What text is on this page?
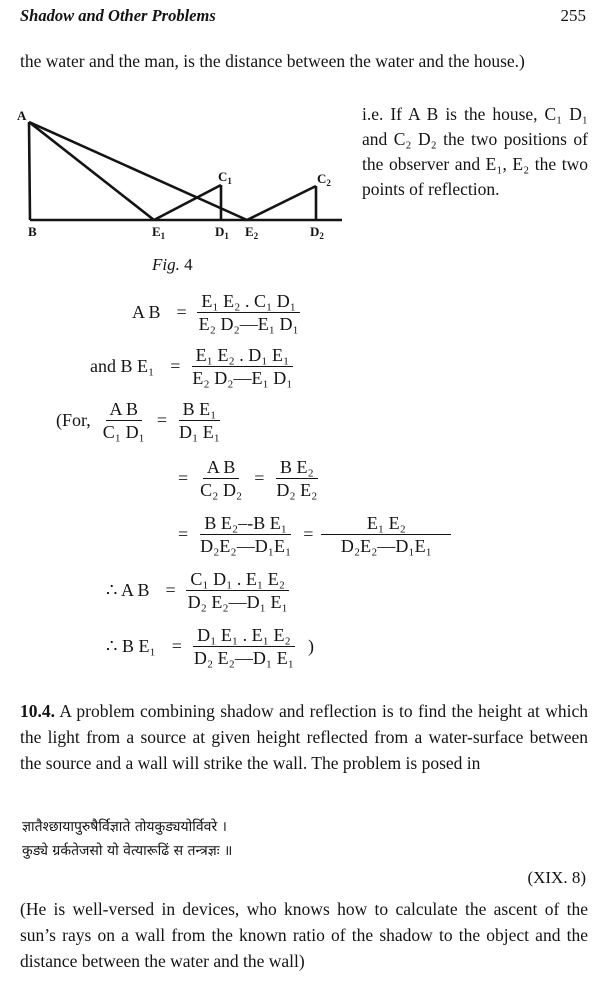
Shadow and Other Problems	255
the water and the man, is the distance between the water and the house.)
A
B	$E_1$	$D_1$
$C_1$
$E_2$
$C_2$
$D_2$
i.e. If A B is the house, C₁ D₁ and C₂ D₂ the two positions of the observer and E₁, E₂ the two points of reflection.
Fig. 4
A $B = \frac{\text{E₁ E₂ . C₁ D₁}}{\text{E₂ D₂—E₁ D₁}}$
and B $E_1 = \frac{\text{E₁ E₂ . D₁ E₁}}{\text{E₂ D₂—E₁ D₁}}$
(For, $\frac{\text{A B}}{\text{C₁ D₁}} = \frac{\text{B E₁}}{\text{D₁ E₁}}$
= $\frac{\text{A B}}{\text{C₂ D₂}} = \frac{\text{B E₂}}{\text{D₂ E₂}}$
= $\frac{\text{B E₂–-B E₁}}{\text{D₂E₂—D₁E₁}} = \frac{\text{E₁ E₂}}{\text{D₂E₂—D₁E₁}}$
∴ A $B = \frac{\text{C₁ D₁ . E₁ E₂}}{\text{D₂ E₂—D₁ E₁}}$
∴ B $E_1 = \frac{\text{D₁ E₁ . E₁ E₂}}{\text{D₂ E₂—D₁ E₁}}$ )
10.4. A problem combining shadow and reflection is to find the height at which the light from a source at given height reflected from a water-surface between the source and a wall will strike the wall. The problem is posed in
ज्ञातैश्छायापुरुषैर्विज्ञाते तोयकुड्ययोर्विवरे ।
कुड्ये ग्रर्कतेजसो यो वेत्यारूढिं स तन्त्रज्ञः ॥
(XIX. 8)
(He is well-versed in devices, who knows how to calculate the ascent of the sun’s rays on a wall from the known ratio of the shadow to the object and the distance between the water and the wall)
